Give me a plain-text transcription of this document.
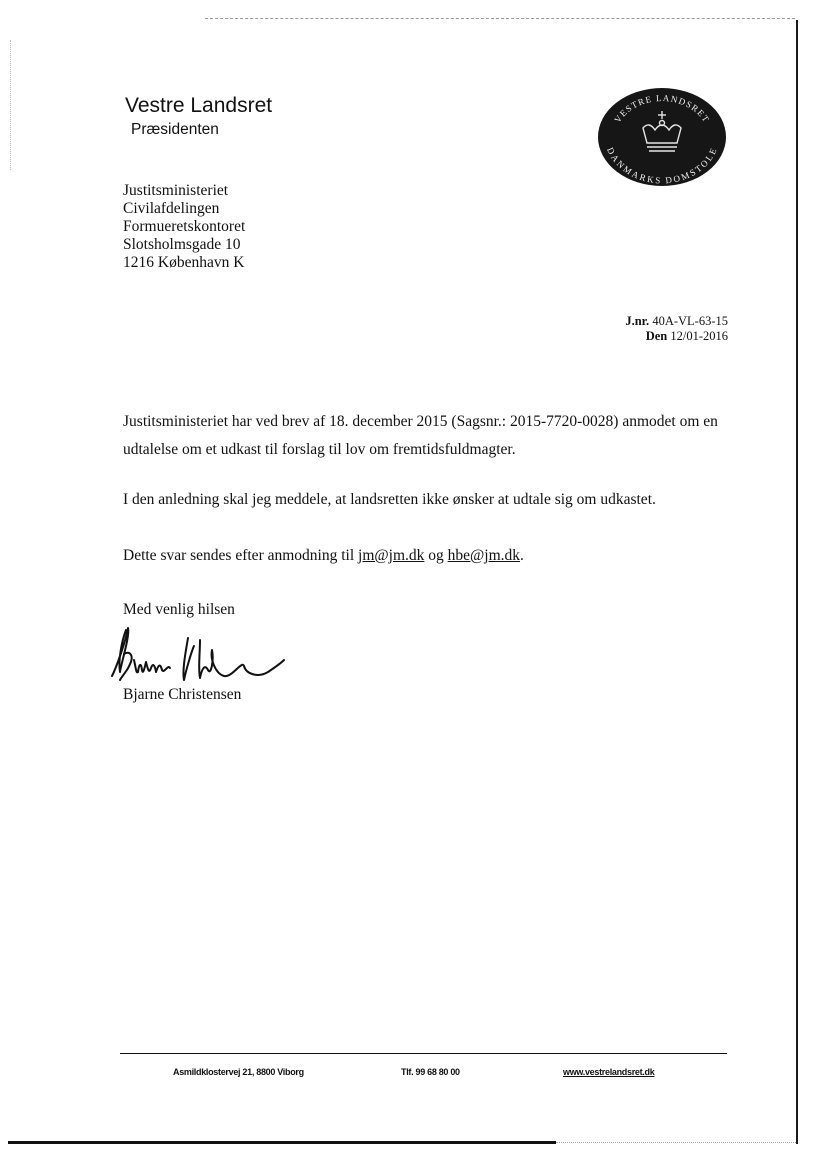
Vestre Landsret
Præsidenten
VESTRE LANDSRET
DANMARKS DOMSTOLE
Justitsministeriet
Civilafdelingen
Formueretskontoret
Slotsholmsgade 10
1216 København K
J.nr. 40A-VL-63-15
Den 12/01-2016
Justitsministeriet har ved brev af 18. december 2015 (Sagsnr.: 2015-7720-0028) anmodet om en udtalelse om et udkast til forslag til lov om fremtidsfuldmagter.
I den anledning skal jeg meddele, at landsretten ikke ønsker at udtale sig om udkastet.
Dette svar sendes efter anmodning til jm@jm.dk og hbe@jm.dk.
Med venlig hilsen
Bjarne Christensen
Asmildklostervej 21, 8800 Viborg	Tlf. 99 68 80 00	www.vestrelandsret.dk
